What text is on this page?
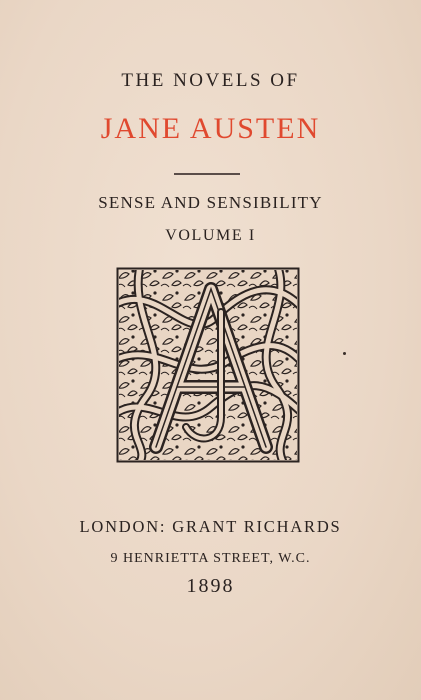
THE NOVELS OF
JANE AUSTEN
SENSE AND SENSIBILITY
VOLUME I
LONDON: GRANT RICHARDS
9 HENRIETTA STREET, W.C.
1898
